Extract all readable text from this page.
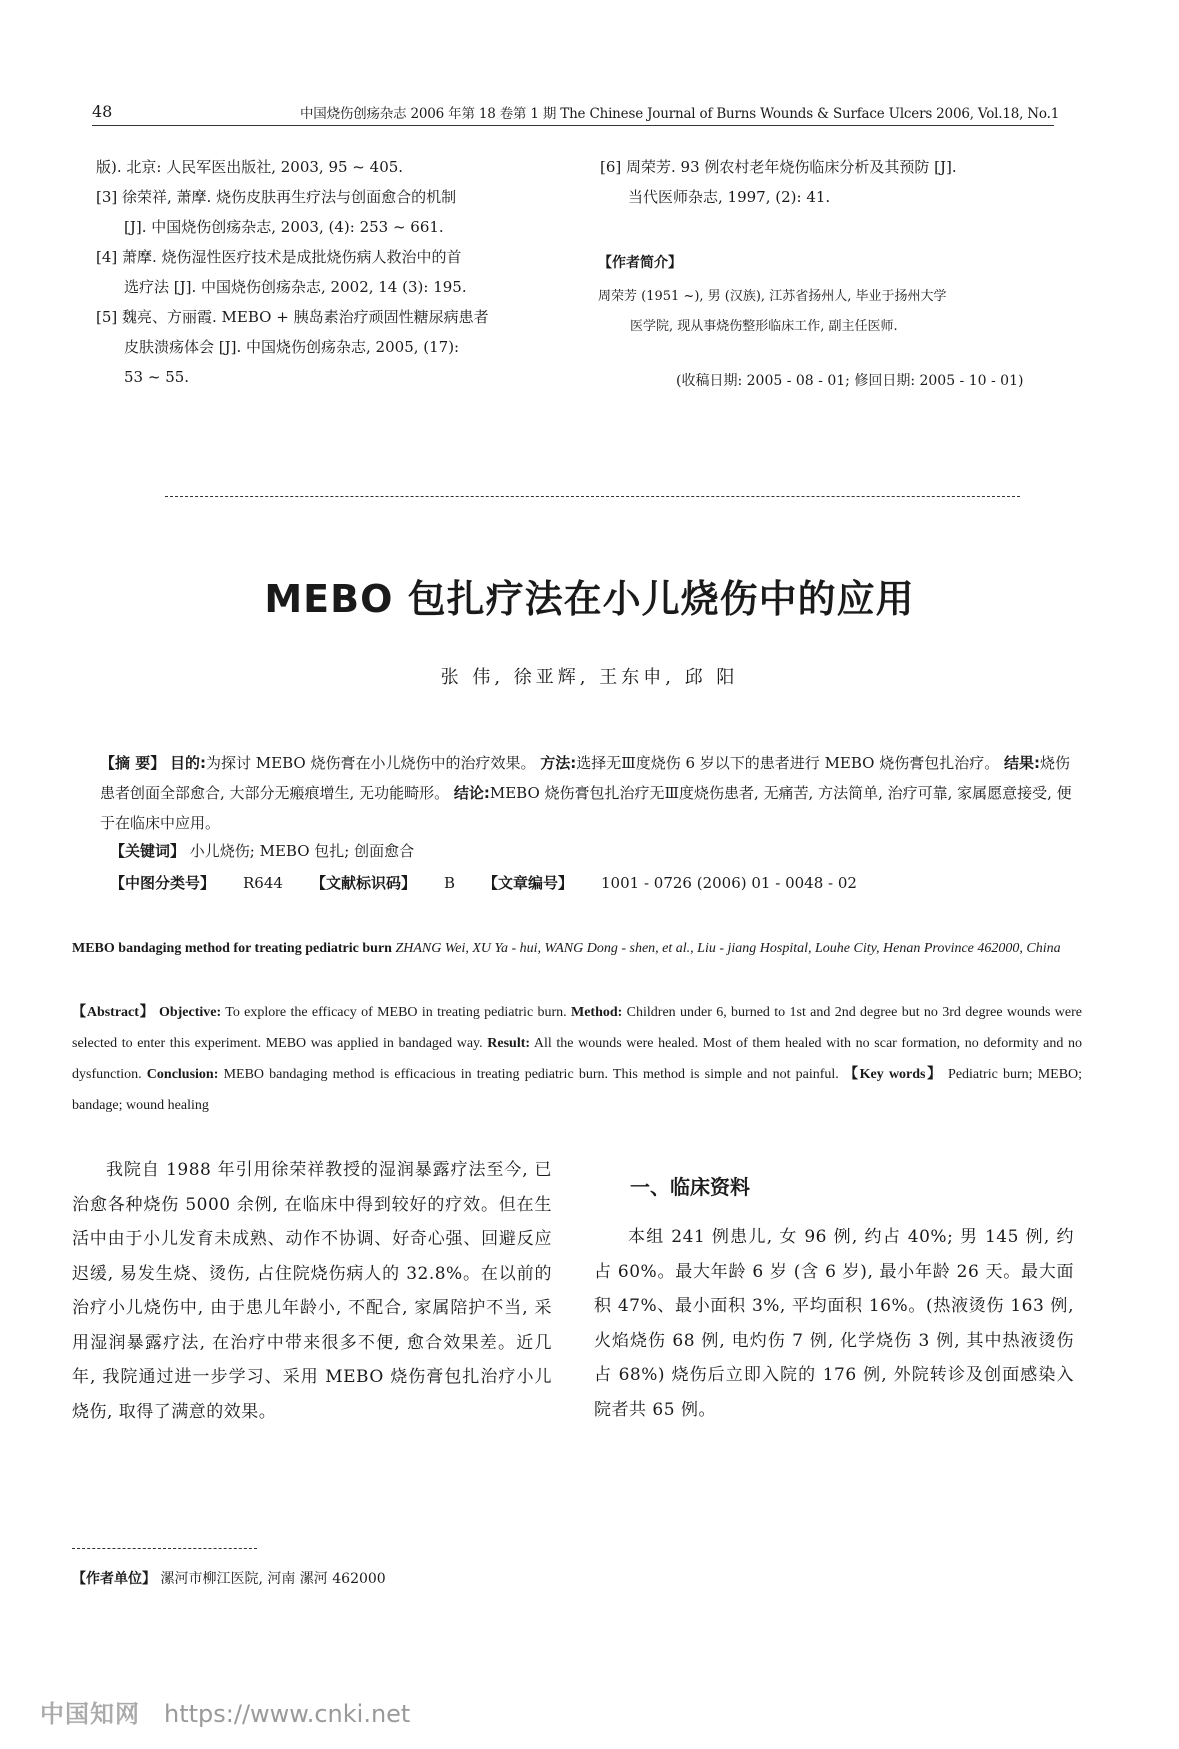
48	中国烧伤创疡杂志 2006 年第 18 卷第 1 期 The Chinese Journal of Burns Wounds & Surface Ulcers 2006, Vol.18, No.1
版). 北京: 人民军医出版社, 2003, 95 ~ 405.
[3] 徐荣祥, 萧摩. 烧伤皮肤再生疗法与创面愈合的机制
[J]. 中国烧伤创疡杂志, 2003, (4): 253 ~ 661.
[4] 萧摩. 烧伤湿性医疗技术是成批烧伤病人救治中的首
选疗法 [J]. 中国烧伤创疡杂志, 2002, 14 (3): 195.
[5] 魏亮、方丽霞. MEBO + 胰岛素治疗顽固性糖尿病患者
皮肤溃疡体会 [J]. 中国烧伤创疡杂志, 2005, (17):
53 ~ 55.
[6] 周荣芳. 93 例农村老年烧伤临床分析及其预防 [J].
当代医师杂志, 1997, (2): 41.
【作者简介】
周荣芳 (1951 ~), 男 (汉族), 江苏省扬州人, 毕业于扬州大学
医学院, 现从事烧伤整形临床工作, 副主任医师.
(收稿日期: 2005 - 08 - 01; 修回日期: 2005 - 10 - 01)
MEBO 包扎疗法在小儿烧伤中的应用
张 伟, 徐亚辉, 王东申, 邱 阳
【摘 要】 目的:为探讨 MEBO 烧伤膏在小儿烧伤中的治疗效果。 方法:选择无Ⅲ度烧伤 6 岁以下的患者进行 MEBO 烧伤膏包扎治疗。 结果:烧伤患者创面全部愈合, 大部分无瘢痕增生, 无功能畸形。 结论:MEBO 烧伤膏包扎治疗无Ⅲ度烧伤患者, 无痛苦, 方法简单, 治疗可靠, 家属愿意接受, 便于在临床中应用。
【关键词】 小儿烧伤; MEBO 包扎; 创面愈合
【中图分类号】 R644 【文献标识码】 B 【文章编号】 1001 - 0726 (2006) 01 - 0048 - 02
MEBO bandaging method for treating pediatric burn ZHANG Wei, XU Ya - hui, WANG Dong - shen, et al., Liu - jiang Hospital, Louhe City, Henan Province 462000, China
【Abstract】 Objective: To explore the efficacy of MEBO in treating pediatric burn. Method: Children under 6, burned to 1st and 2nd degree but no 3rd degree wounds were selected to enter this experiment. MEBO was applied in bandaged way. Result: All the wounds were healed. Most of them healed with no scar formation, no deformity and no dysfunction. Conclusion: MEBO bandaging method is efficacious in treating pediatric burn. This method is simple and not painful. 【Key words】 Pediatric burn; MEBO; bandage; wound healing
我院自 1988 年引用徐荣祥教授的湿润暴露疗法至今, 已治愈各种烧伤 5000 余例, 在临床中得到较好的疗效。但在生活中由于小儿发育未成熟、动作不协调、好奇心强、回避反应迟缓, 易发生烧、烫伤, 占住院烧伤病人的 32.8%。在以前的治疗小儿烧伤中, 由于患儿年龄小, 不配合, 家属陪护不当, 采用湿润暴露疗法, 在治疗中带来很多不便, 愈合效果差。近几年, 我院通过进一步学习、采用 MEBO 烧伤膏包扎治疗小儿烧伤, 取得了满意的效果。
一、临床资料
本组 241 例患儿, 女 96 例, 约占 40%; 男 145 例, 约占 60%。最大年龄 6 岁 (含 6 岁), 最小年龄 26 天。最大面积 47%、最小面积 3%, 平均面积 16%。(热液烫伤 163 例, 火焰烧伤 68 例, 电灼伤 7 例, 化学烧伤 3 例, 其中热液烫伤占 68%) 烧伤后立即入院的 176 例, 外院转诊及创面感染入院者共 65 例。
【作者单位】 漯河市柳江医院, 河南 漯河 462000
中国知网 https://www.cnki.net
